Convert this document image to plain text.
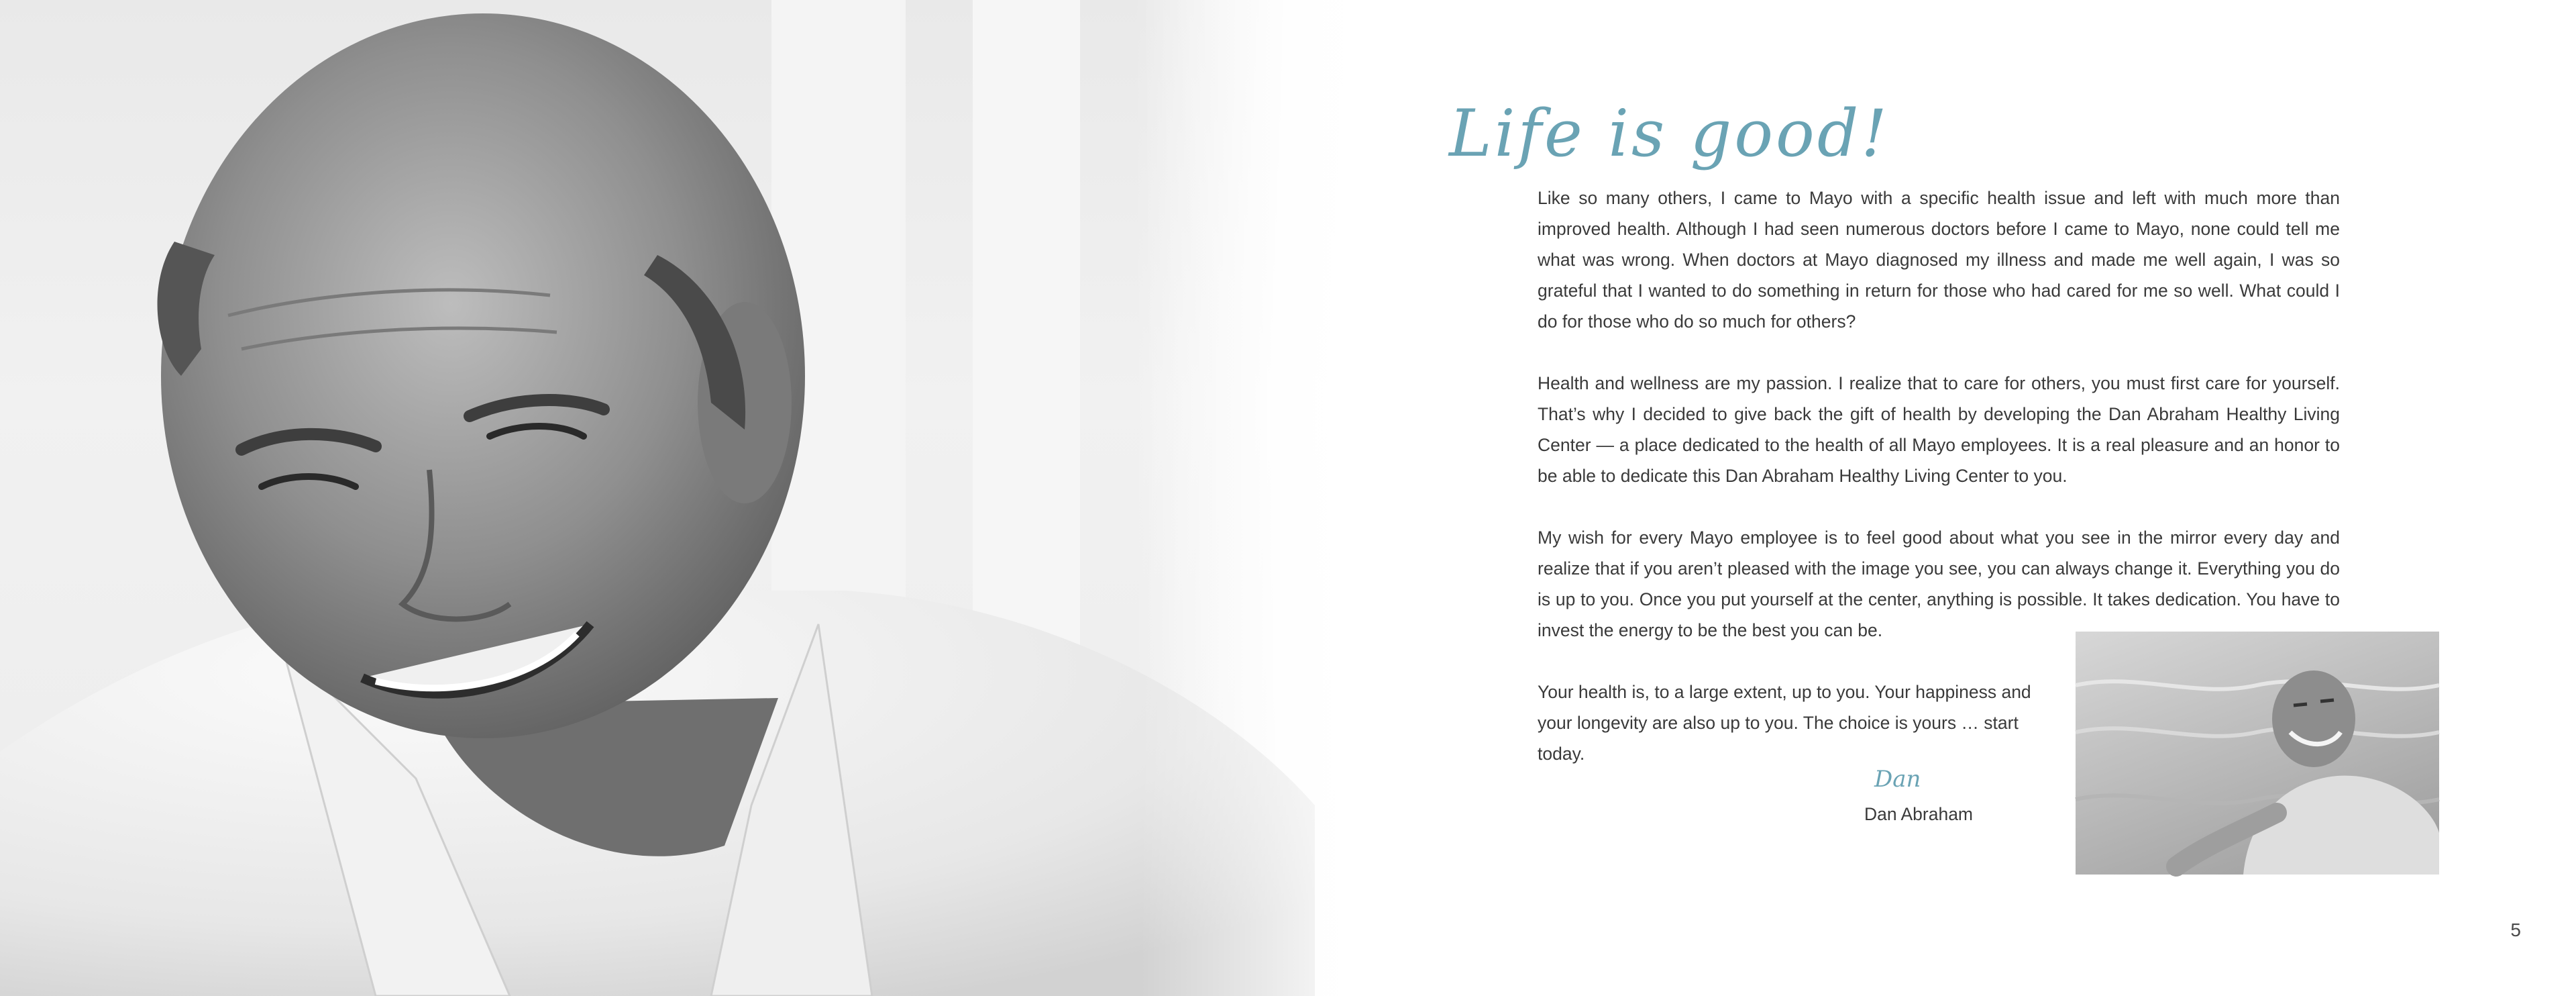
Life is good!

Like so many others, I came to Mayo with a specific health issue and left with much more than improved health. Although I had seen numerous doctors before I came to Mayo, none could tell me what was wrong. When doctors at Mayo diagnosed my illness and made me well again, I was so grateful that I wanted to do something in return for those who had cared for me so well. What could I do for those who do so much for others?

Health and wellness are my passion. I realize that to care for others, you must first care for yourself. That’s why I decided to give back the gift of health by developing the Dan Abraham Healthy Living Center — a place dedicated to the health of all Mayo employees. It is a real pleasure and an honor to be able to dedicate this Dan Abraham Healthy Living Center to you.

My wish for every Mayo employee is to feel good about what you see in the mirror every day and realize that if you aren’t pleased with the image you see, you can always change it. Everything you do is up to you. Once you put yourself at the center, anything is possible. It takes dedication. You have to invest the energy to be the best you can be.

Your health is, to a large extent, up to you. Your happiness and your longevity are also up to you. The choice is yours … start today.

Dan
Dan Abraham
5
